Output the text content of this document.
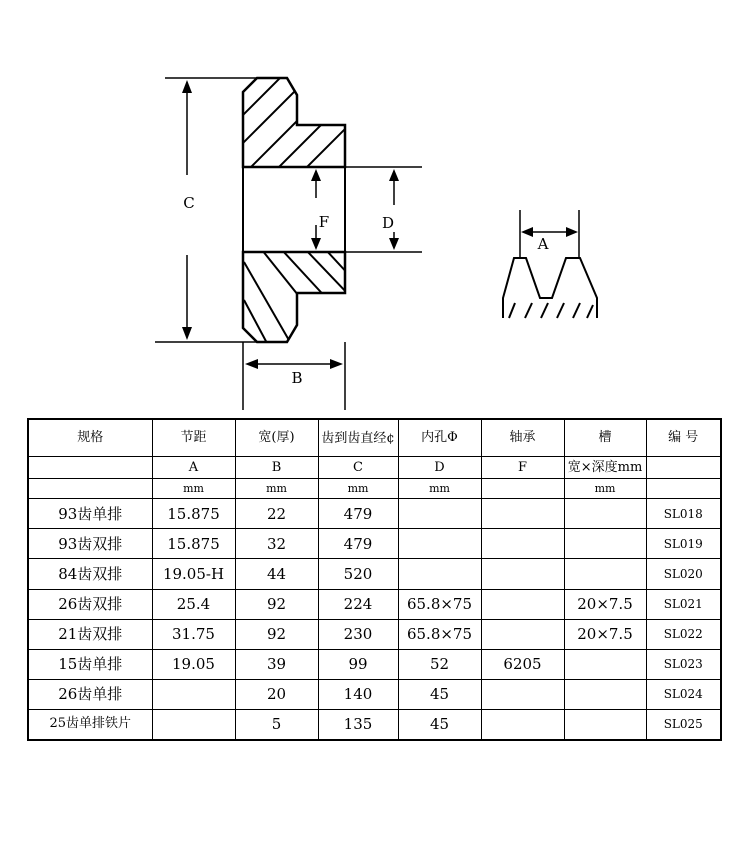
C
F	D
B
A
规格	节距	宽(厚)	齿到齿直经¢	内孔Φ	轴承	槽	编 号
	A	B	C	D	F	宽×深度mm	
	mm	mm	mm	mm		mm	
93齿单排	15.875	22	479				SL018
93齿双排	15.875	32	479				SL019
84齿双排	19.05-H	44	520				SL020
26齿双排	25.4	92	224	65.8×75		20×7.5	SL021
21齿双排	31.75	92	230	65.8×75		20×7.5	SL022
15齿单排	19.05	39	99	52	6205		SL023
26齿单排		20	140	45			SL024
25齿单排铁片		5	135	45			SL025
